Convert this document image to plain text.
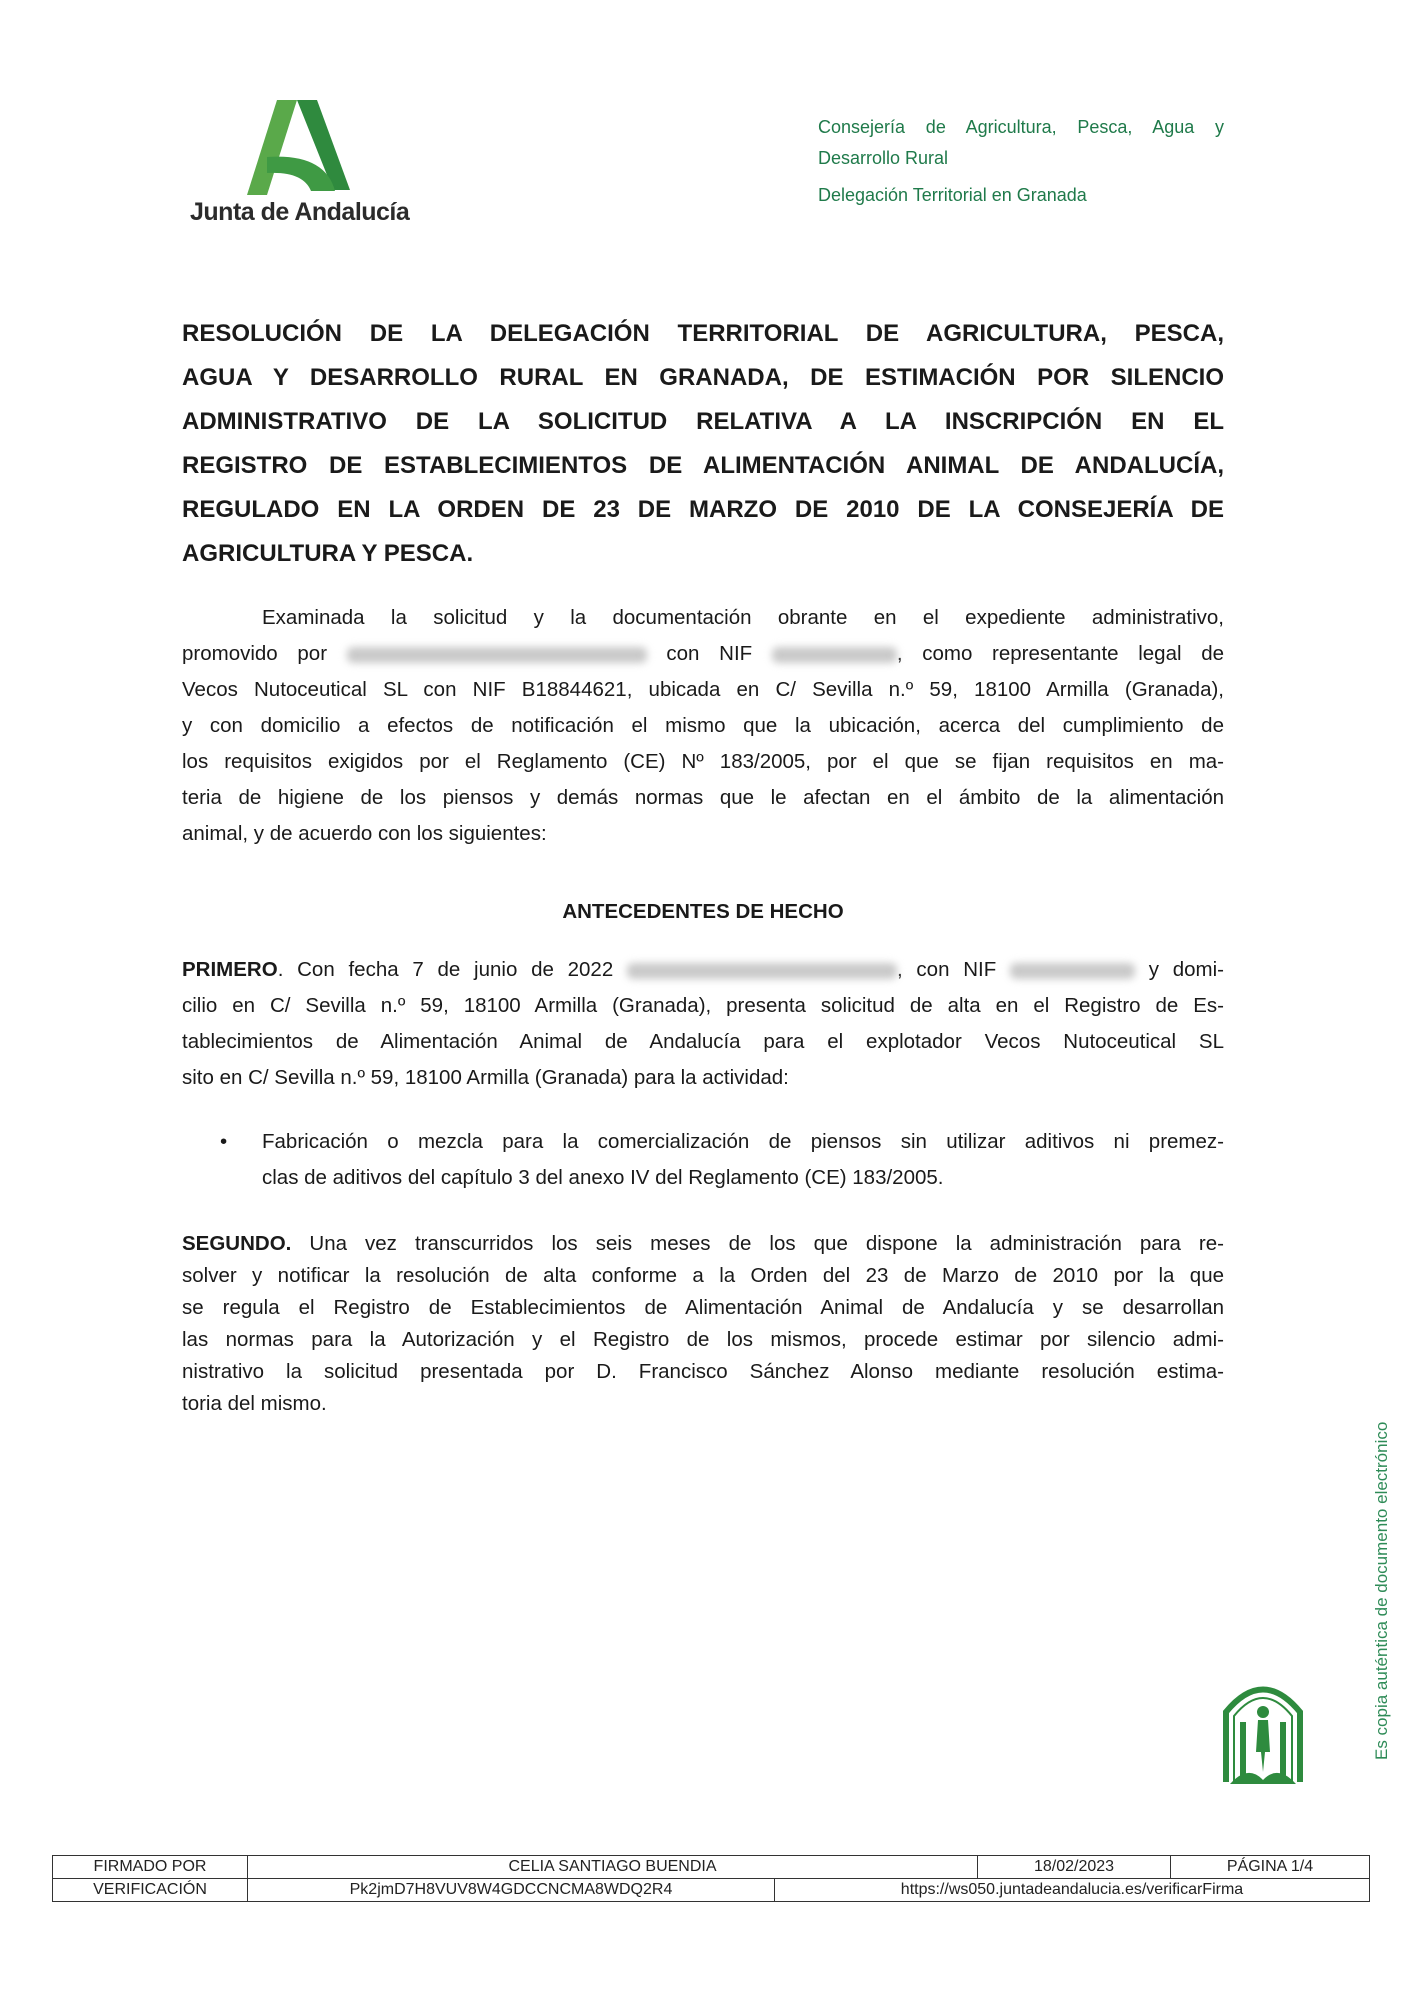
Junta de Andalucía
Consejería de Agricultura, Pesca, Agua y
Desarrollo Rural
Delegación Territorial en Granada
RESOLUCIÓN DE LA DELEGACIÓN TERRITORIAL DE AGRICULTURA, PESCA,
AGUA Y DESARROLLO RURAL EN GRANADA, DE ESTIMACIÓN POR SILENCIO
ADMINISTRATIVO DE LA SOLICITUD RELATIVA A LA INSCRIPCIÓN EN EL
REGISTRO DE ESTABLECIMIENTOS DE ALIMENTACIÓN ANIMAL DE ANDALUCÍA,
REGULADO EN LA ORDEN DE 23 DE MARZO DE 2010 DE LA CONSEJERÍA DE
AGRICULTURA Y PESCA.
Examinada la solicitud y la documentación obrante en el expediente administrativo,
promovido por	con NIF	, como representante legal de
Vecos Nutoceutical SL con NIF B18844621, ubicada en C/ Sevilla n.º 59, 18100 Armilla (Granada),
y con domicilio a efectos de notificación el mismo que la ubicación, acerca del cumplimiento de
los requisitos exigidos por el Reglamento (CE) Nº 183/2005, por el que se fijan requisitos en ma-
teria de higiene de los piensos y demás normas que le afectan en el ámbito de la alimentación
animal, y de acuerdo con los siguientes:
ANTECEDENTES DE HECHO
PRIMERO. Con fecha 7 de junio de 2022	, con NIF	y domi-
cilio en C/ Sevilla n.º 59, 18100 Armilla (Granada), presenta solicitud de alta en el Registro de Es-
tablecimientos de Alimentación Animal de Andalucía para el explotador Vecos Nutoceutical SL
sito en C/ Sevilla n.º 59, 18100 Armilla (Granada) para la actividad:
• Fabricación o mezcla para la comercialización de piensos sin utilizar aditivos ni premez-
clas de aditivos del capítulo 3 del anexo IV del Reglamento (CE) 183/2005.
SEGUNDO. Una vez transcurridos los seis meses de los que dispone la administración para re-
solver y notificar la resolución de alta conforme a la Orden del 23 de Marzo de 2010 por la que
se regula el Registro de Establecimientos de Alimentación Animal de Andalucía y se desarrollan
las normas para la Autorización y el Registro de los mismos, procede estimar por silencio admi-
nistrativo la solicitud presentada por D. Francisco Sánchez Alonso mediante resolución estima-
toria del mismo.
Es copia auténtica de documento electrónico
FIRMADO POR	CELIA SANTIAGO BUENDIA		18/02/2023	PÁGINA 1/4
VERIFICACIÓN	Pk2jmD7H8VUV8W4GDCCNCMA8WDQ2R4	https://ws050.juntadeandalucia.es/verificarFirma		
